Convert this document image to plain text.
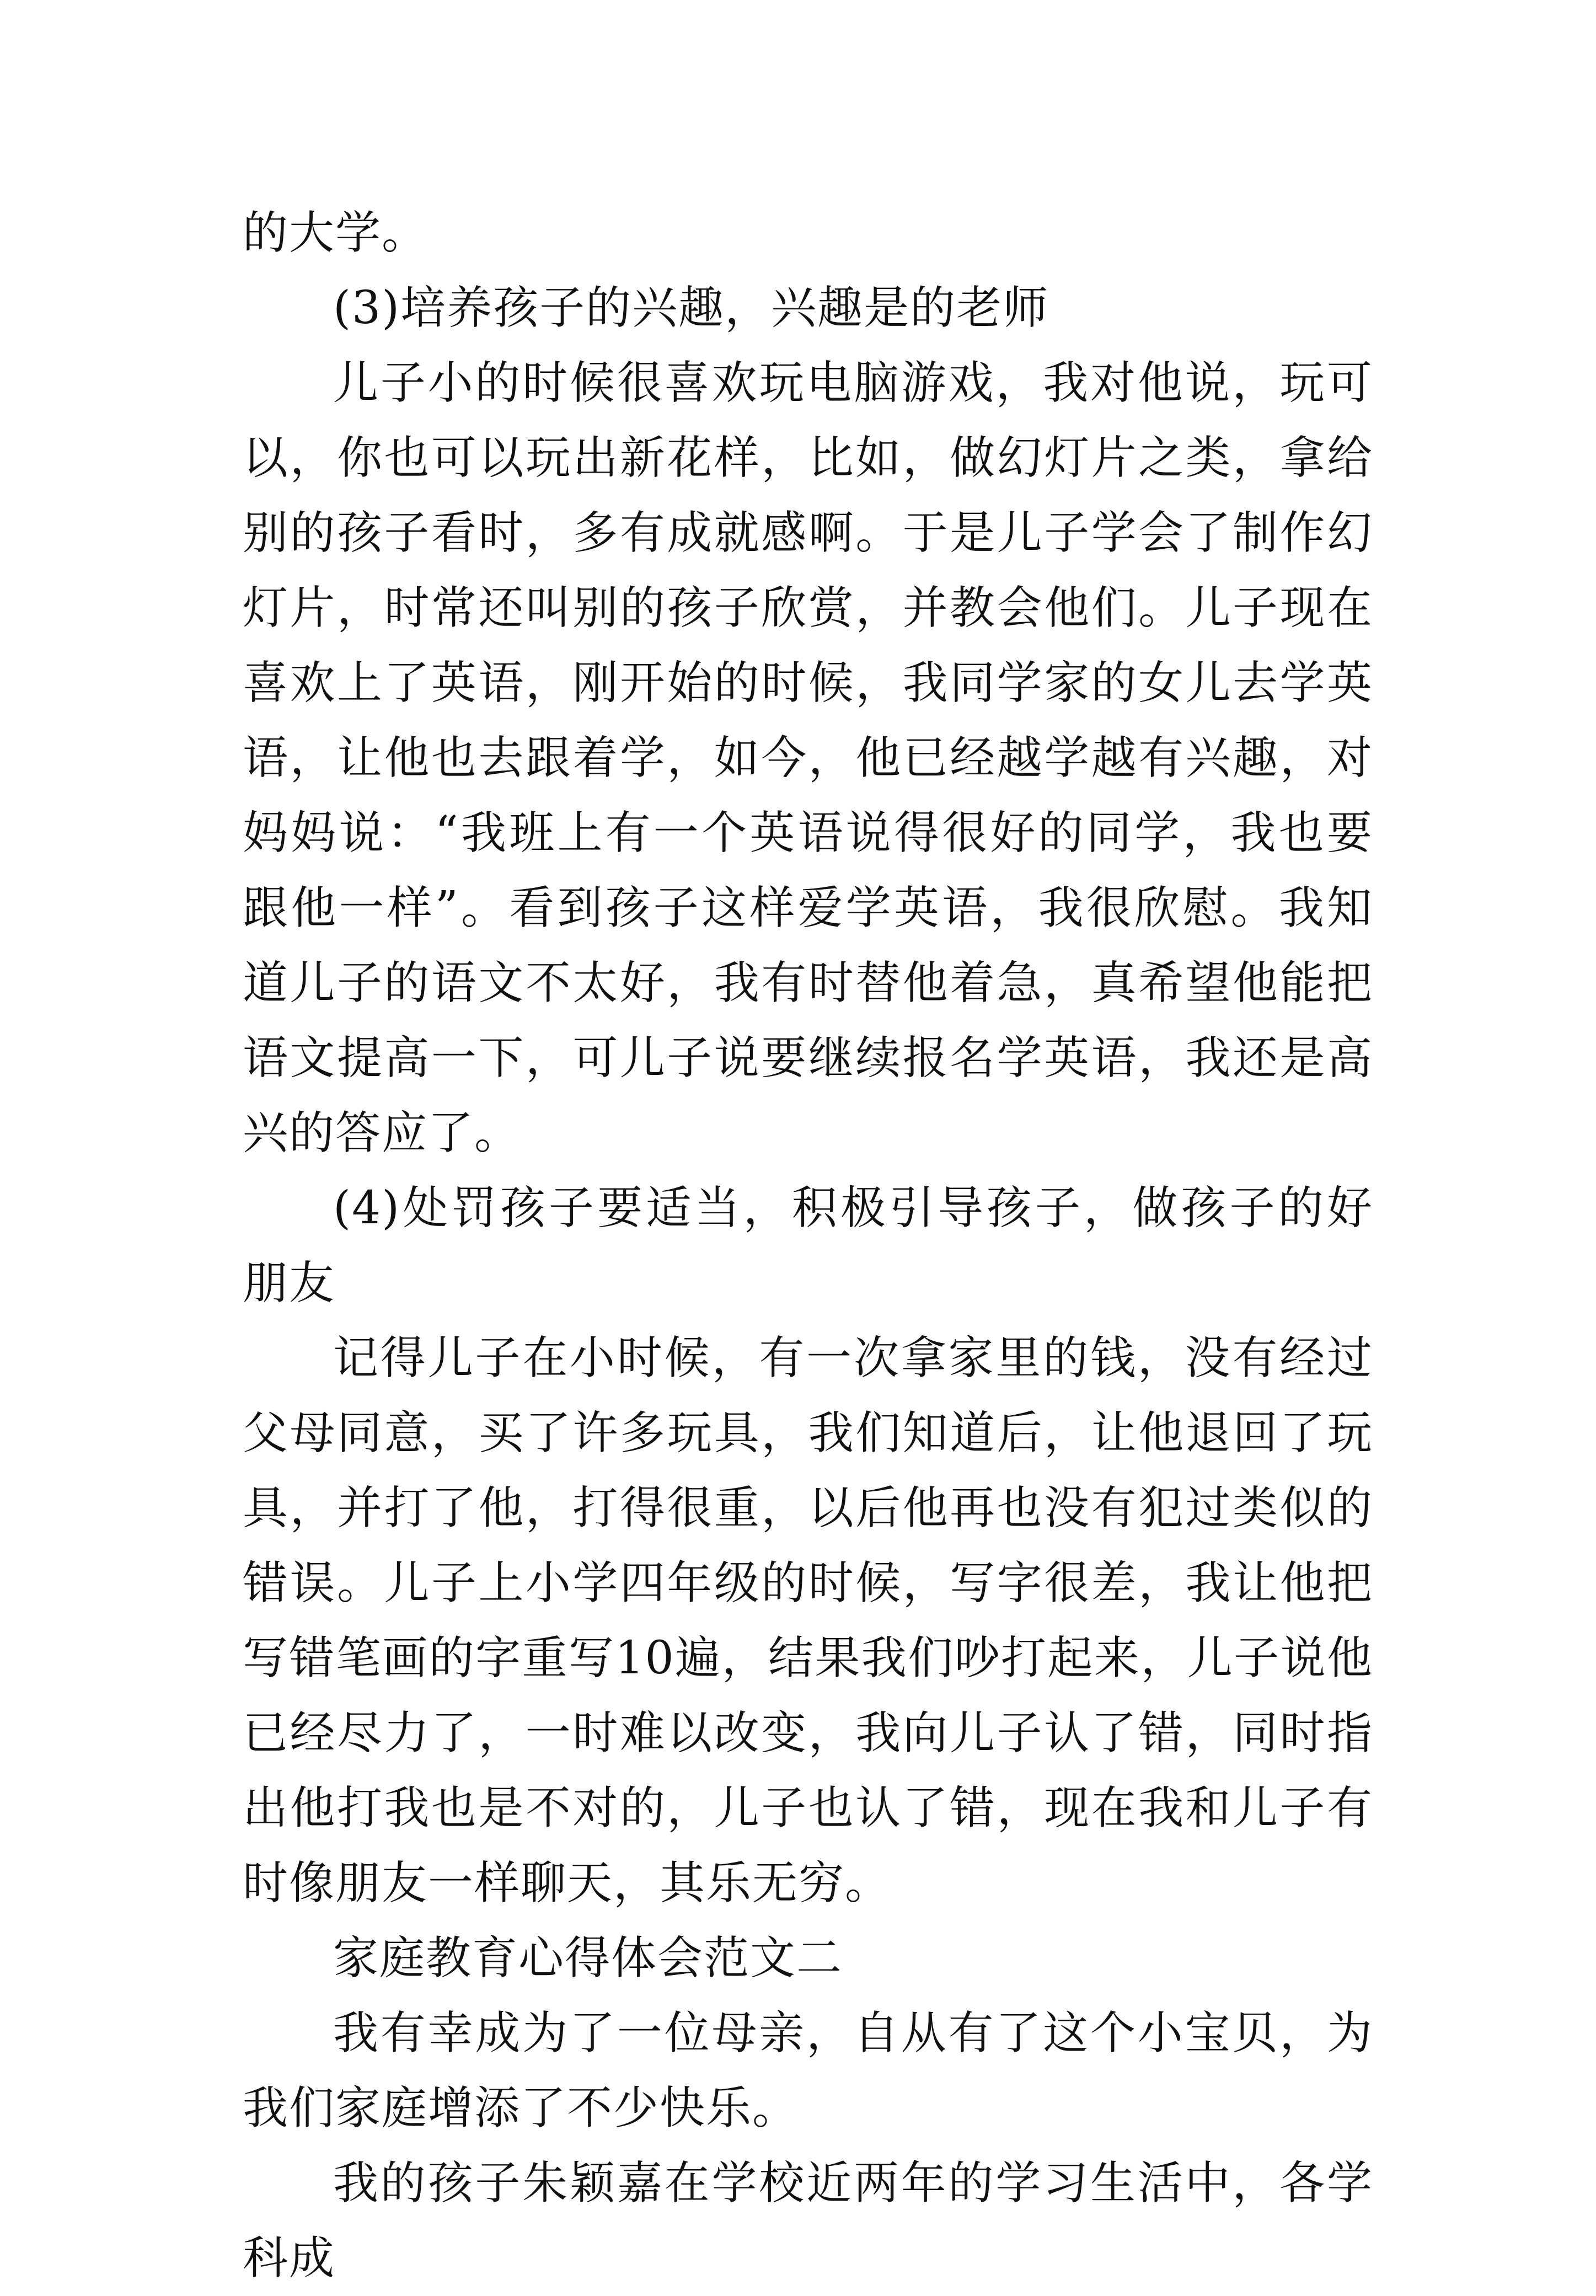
的大学。

(3)培养孩子的兴趣，兴趣是的老师

儿子小的时候很喜欢玩电脑游戏，我对他说，玩可以，你也可以玩出新花样，比如，做幻灯片之类，拿给别的孩子看时，多有成就感啊。于是儿子学会了制作幻灯片，时常还叫别的孩子欣赏，并教会他们。儿子现在喜欢上了英语，刚开始的时候，我同学家的女儿去学英语，让他也去跟着学，如今，他已经越学越有兴趣，对妈妈说：“我班上有一个英语说得很好的同学，我也要跟他一样”。看到孩子这样爱学英语，我很欣慰。我知道儿子的语文不太好，我有时替他着急，真希望他能把语文提高一下，可儿子说要继续报名学英语，我还是高兴的答应了。

(4)处罚孩子要适当，积极引导孩子，做孩子的好朋友

记得儿子在小时候，有一次拿家里的钱，没有经过父母同意，买了许多玩具，我们知道后，让他退回了玩具，并打了他，打得很重，以后他再也没有犯过类似的错误。儿子上小学四年级的时候，写字很差，我让他把写错笔画的字重写10遍，结果我们吵打起来，儿子说他已经尽力了，一时难以改变，我向儿子认了错，同时指出他打我也是不对的，儿子也认了错，现在我和儿子有时像朋友一样聊天，其乐无穷。

家庭教育心得体会范文二

我有幸成为了一位母亲，自从有了这个小宝贝，为我们家庭增添了不少快乐。

我的孩子朱颖嘉在学校近两年的学习生活中，各学科成
